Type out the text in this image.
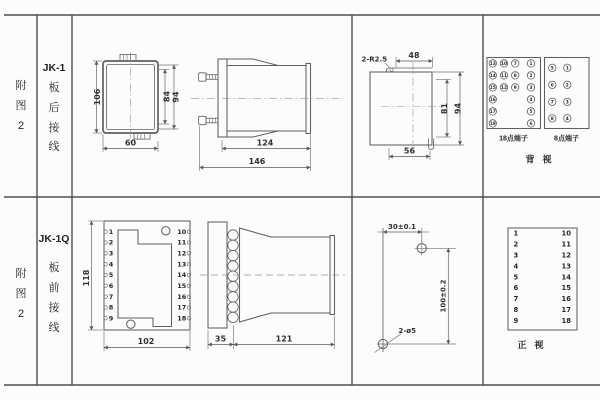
附
图
2
JK-1
板
后
接
线
附
图
2
JK-1Q
板
前
接
线
106	84 94
60	124
146
2-R2.5	48
81 94
56
13
14
15
16
17
18
10
11
12
7
8
9
1
2
3
4
5
6
18点端子
5
6
7
8
1
2
3
4
8点端子
背 视
1
2
3
4
5
6
7
8
9
10
11
12
13
14
15
16
17
18
118
102	35	121
30±0.1
100±0.2
2-ø5
1
2
3
4
5
6
7
8
9
10
11
12
13
14
15
16
17
18
正 视
